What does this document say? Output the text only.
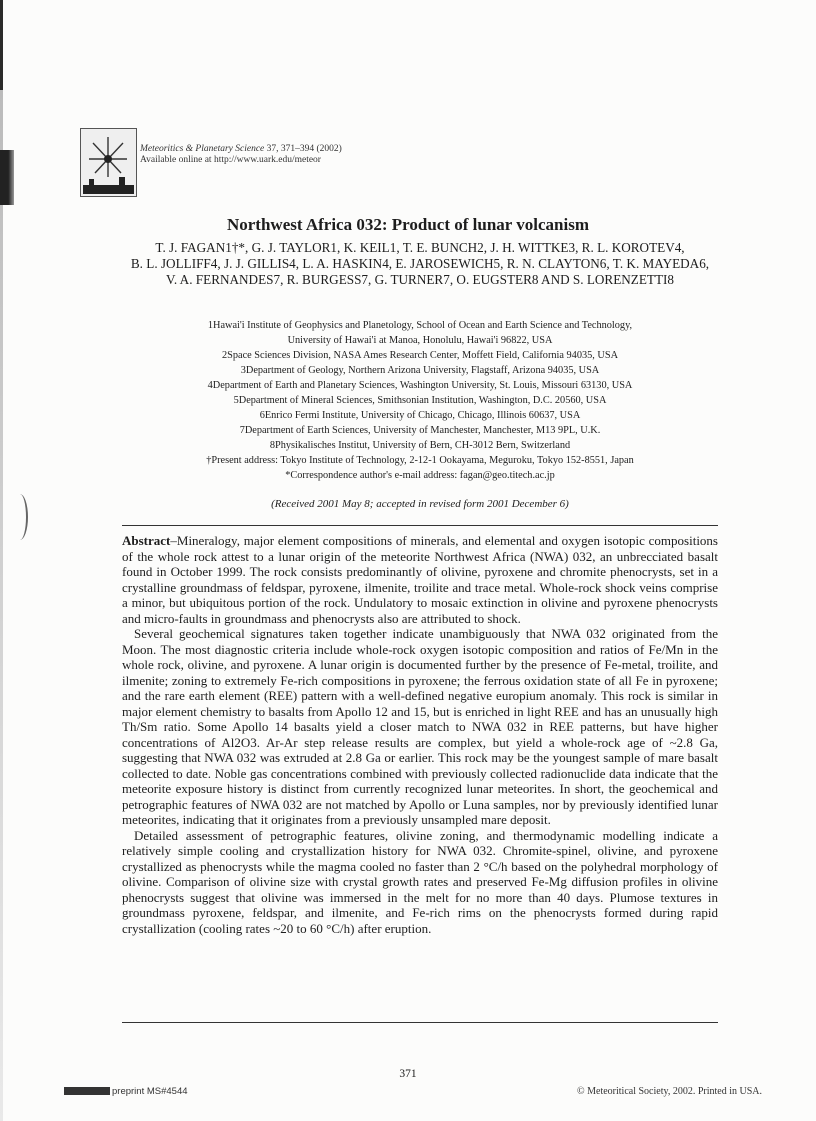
Meteoritics & Planetary Science 37, 371–394 (2002)
Available online at http://www.uark.edu/meteor
Northwest Africa 032: Product of lunar volcanism
T. J. FAGAN1†*, G. J. TAYLOR1, K. KEIL1, T. E. BUNCH2, J. H. WITTKE3, R. L. KOROTEV4,
B. L. JOLLIFF4, J. J. GILLIS4, L. A. HASKIN4, E. JAROSEWICH5, R. N. CLAYTON6, T. K. MAYEDA6,
V. A. FERNANDES7, R. BURGESS7, G. TURNER7, O. EUGSTER8 AND S. LORENZETTI8
1Hawai'i Institute of Geophysics and Planetology, School of Ocean and Earth Science and Technology,
University of Hawai'i at Manoa, Honolulu, Hawai'i 96822, USA
2Space Sciences Division, NASA Ames Research Center, Moffett Field, California 94035, USA
3Department of Geology, Northern Arizona University, Flagstaff, Arizona 94035, USA
4Department of Earth and Planetary Sciences, Washington University, St. Louis, Missouri 63130, USA
5Department of Mineral Sciences, Smithsonian Institution, Washington, D.C. 20560, USA
6Enrico Fermi Institute, University of Chicago, Chicago, Illinois 60637, USA
7Department of Earth Sciences, University of Manchester, Manchester, M13 9PL, U.K.
8Physikalisches Institut, University of Bern, CH-3012 Bern, Switzerland
†Present address: Tokyo Institute of Technology, 2-12-1 Ookayama, Meguroku, Tokyo 152-8551, Japan
*Correspondence author's e-mail address: fagan@geo.titech.ac.jp
(Received 2001 May 8; accepted in revised form 2001 December 6)

Abstract–Mineralogy, major element compositions of minerals, and elemental and oxygen isotopic compositions of the whole rock attest to a lunar origin of the meteorite Northwest Africa (NWA) 032, an unbrecciated basalt found in October 1999. The rock consists predominantly of olivine, pyroxene and chromite phenocrysts, set in a crystalline groundmass of feldspar, pyroxene, ilmenite, troilite and trace metal. Whole-rock shock veins comprise a minor, but ubiquitous portion of the rock. Undulatory to mosaic extinction in olivine and pyroxene phenocrysts and micro-faults in groundmass and phenocrysts also are attributed to shock.

Several geochemical signatures taken together indicate unambiguously that NWA 032 originated from the Moon. The most diagnostic criteria include whole-rock oxygen isotopic composition and ratios of Fe/Mn in the whole rock, olivine, and pyroxene. A lunar origin is documented further by the presence of Fe-metal, troilite, and ilmenite; zoning to extremely Fe-rich compositions in pyroxene; the ferrous oxidation state of all Fe in pyroxene; and the rare earth element (REE) pattern with a well-defined negative europium anomaly. This rock is similar in major element chemistry to basalts from Apollo 12 and 15, but is enriched in light REE and has an unusually high Th/Sm ratio. Some Apollo 14 basalts yield a closer match to NWA 032 in REE patterns, but have higher concentrations of Al2O3. Ar-Ar step release results are complex, but yield a whole-rock age of ~2.8 Ga, suggesting that NWA 032 was extruded at 2.8 Ga or earlier. This rock may be the youngest sample of mare basalt collected to date. Noble gas concentrations combined with previously collected radionuclide data indicate that the meteorite exposure history is distinct from currently recognized lunar meteorites. In short, the geochemical and petrographic features of NWA 032 are not matched by Apollo or Luna samples, nor by previously identified lunar meteorites, indicating that it originates from a previously unsampled mare deposit.

Detailed assessment of petrographic features, olivine zoning, and thermodynamic modelling indicate a relatively simple cooling and crystallization history for NWA 032. Chromite-spinel, olivine, and pyroxene crystallized as phenocrysts while the magma cooled no faster than 2 °C/h based on the polyhedral morphology of olivine. Comparison of olivine size with crystal growth rates and preserved Fe-Mg diffusion profiles in olivine phenocrysts suggest that olivine was immersed in the melt for no more than 40 days. Plumose textures in groundmass pyroxene, feldspar, and ilmenite, and Fe-rich rims on the phenocrysts formed during rapid crystallization (cooling rates ~20 to 60 °C/h) after eruption.

371
preprint MS#4544	© Meteoritical Society, 2002. Printed in USA.
